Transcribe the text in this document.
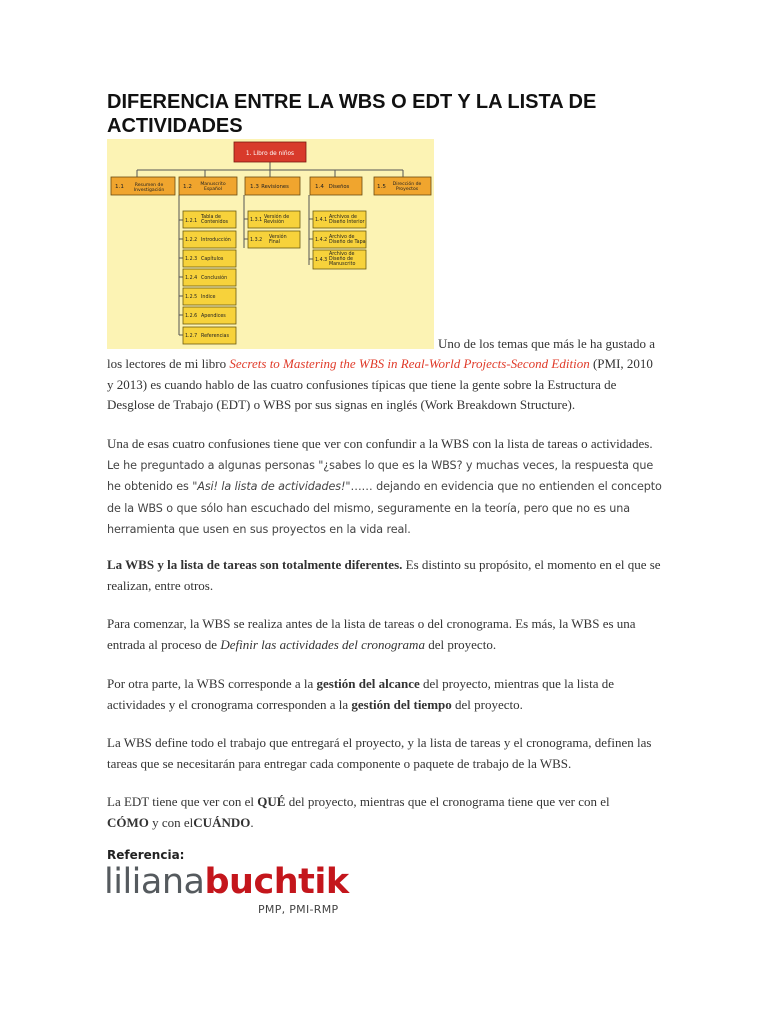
DIFERENCIA ENTRE LA WBS O EDT Y LA LISTA DE ACTIVIDADES
1. Libro de niños
1.1 Resumen de Investigación
1.2 Manuscrito Español	1.3 Revisiones	1.4 Diseños	1.5 Dirección de Proyectos
1.2.1
Tabla de Contenidos
1.2.2 Introducción
1.2.3 Capítulos
1.2.4 Conclusión
1.2.5 Indice
1.2.6 Apendices
1.2.7 Referencias
1.3.1
Versión de Revisión
1.3.2
Versión Final
1.4.1
Archivos de Diseño Interior
1.4.2
Archivo de Diseño de Tapa
1.4.3
Archivo de Diseño de Manuscrito

Uno de los temas que más le ha gustado a

los lectores de mi libro Secrets to Mastering the WBS in Real-World Projects-Second Edition (PMI, 2010 y 2013) es cuando hablo de las cuatro confusiones típicas que tiene la gente sobre la Estructura de Desglose de Trabajo (EDT) o WBS por sus signas en inglés (Work Breakdown Structure).

Una de esas cuatro confusiones tiene que ver con confundir a la WBS con la lista de tareas o actividades. Le he preguntado a algunas personas "¿sabes lo que es la WBS? y muchas veces, la respuesta que he obtenido es "Asi! la lista de actividades!"…… dejando en evidencia que no entienden el concepto de la WBS o que sólo han escuchado del mismo, seguramente en la teoría, pero que no es una herramienta que usen en sus proyectos en la vida real.

La WBS y la lista de tareas son totalmente diferentes. Es distinto su propósito, el momento en el que se realizan, entre otros.

Para comenzar, la WBS se realiza antes de la lista de tareas o del cronograma. Es más, la WBS es una entrada al proceso de Definir las actividades del cronograma del proyecto.

Por otra parte, la WBS corresponde a la gestión del alcance del proyecto, mientras que la lista de actividades y el cronograma corresponden a la gestión del tiempo del proyecto.

La WBS define todo el trabajo que entregará el proyecto, y la lista de tareas y el cronograma, definen las tareas que se necesitarán para entregar cada componente o paquete de trabajo de la WBS.

La EDT tiene que ver con el QUÉ del proyecto, mientras que el cronograma tiene que ver con el CÓMO y con elCUÁNDO.

Referencia:
lilianabuchtik
PMP, PMI-RMP
